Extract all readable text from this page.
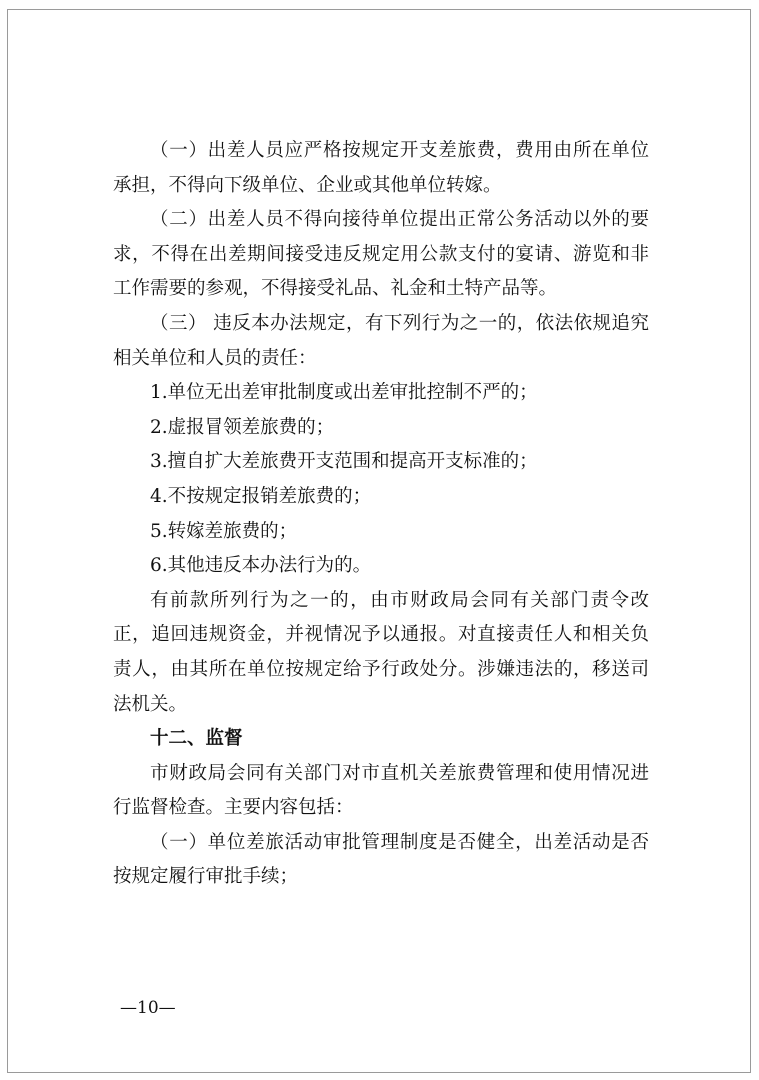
（一）出差人员应严格按规定开支差旅费，费用由所在单位承担，不得向下级单位、企业或其他单位转嫁。

（二）出差人员不得向接待单位提出正常公务活动以外的要求，不得在出差期间接受违反规定用公款支付的宴请、游览和非工作需要的参观，不得接受礼品、礼金和土特产品等。

（三） 违反本办法规定，有下列行为之一的，依法依规追究相关单位和人员的责任：

1.单位无出差审批制度或出差审批控制不严的；

2.虚报冒领差旅费的；

3.擅自扩大差旅费开支范围和提高开支标准的；

4.不按规定报销差旅费的；

5.转嫁差旅费的；

6.其他违反本办法行为的。

有前款所列行为之一的，由市财政局会同有关部门责令改正，追回违规资金，并视情况予以通报。对直接责任人和相关负责人，由其所在单位按规定给予行政处分。涉嫌违法的，移送司法机关。

十二、监督

市财政局会同有关部门对市直机关差旅费管理和使用情况进行监督检查。主要内容包括：

（一）单位差旅活动审批管理制度是否健全，出差活动是否按规定履行审批手续；

—10—
